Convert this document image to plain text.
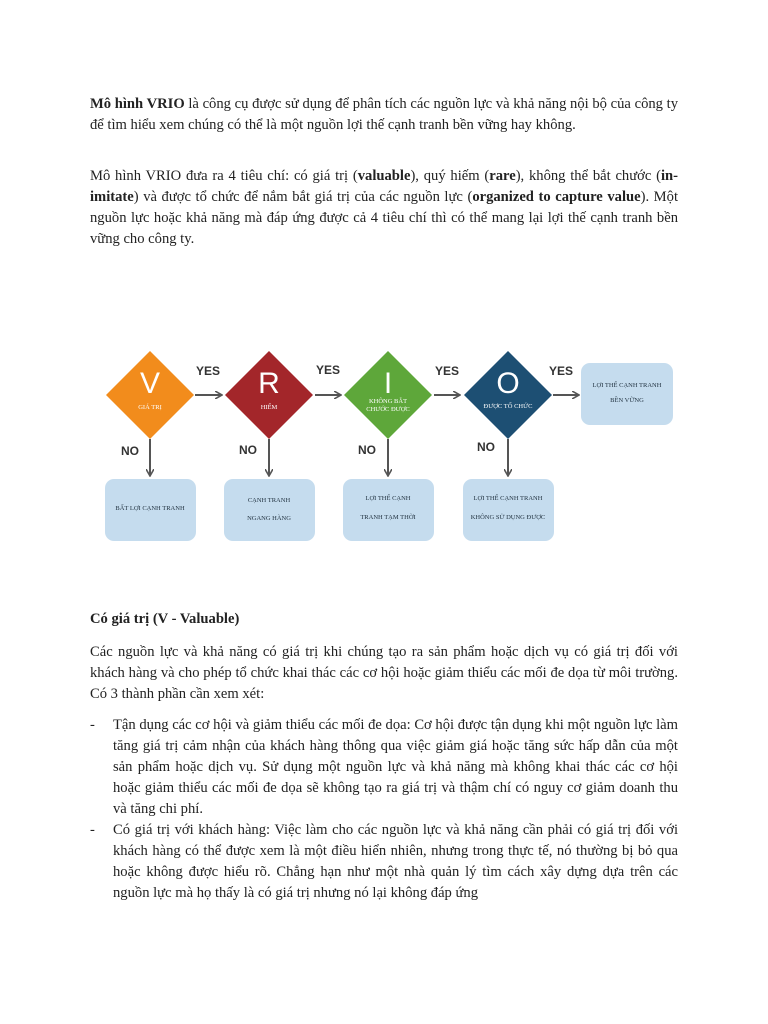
Mô hình VRIO là công cụ được sử dụng để phân tích các nguồn lực và khả năng nội bộ của công ty để tìm hiểu xem chúng có thể là một nguồn lợi thế cạnh tranh bền vững hay không.

Mô hình VRIO đưa ra 4 tiêu chí: có giá trị (valuable), quý hiếm (rare), không thể bắt chước (in-imitate) và được tổ chức để nắm bắt giá trị của các nguồn lực (organized to capture value). Một nguồn lực hoặc khả năng mà đáp ứng được cả 4 tiêu chí thì có thể mang lại lợi thế cạnh tranh bền vững cho công ty.

YES	YES	YES	YES
NO	NO	NO	NO
V
GIÁ TRỊ
R
HIẾM
I
KHÔNG BẮT
CHƯỚC ĐƯỢC
O
ĐƯỢC TỔ CHỨC
LỢI THẾ CẠNH TRANH
BỀN VỮNG
BẤT LỢI CẠNH TRANH
CẠNH TRANH
NGANG HÀNG
LỢI THẾ CẠNH
TRANH TẠM THỜI
LỢI THẾ CẠNH TRANH
KHÔNG SỬ DỤNG ĐƯỢC

Có giá trị (V - Valuable)

Các nguồn lực và khả năng có giá trị khi chúng tạo ra sản phẩm hoặc dịch vụ có giá trị đối với khách hàng và cho phép tổ chức khai thác các cơ hội hoặc giảm thiểu các mối đe dọa từ môi trường. Có 3 thành phần cần xem xét:

- Tận dụng các cơ hội và giảm thiểu các mối đe dọa: Cơ hội được tận dụng khi một nguồn lực làm tăng giá trị cảm nhận của khách hàng thông qua việc giảm giá hoặc tăng sức hấp dẫn của một sản phẩm hoặc dịch vụ. Sử dụng một nguồn lực và khả năng mà không khai thác các cơ hội hoặc giảm thiểu các mối đe dọa sẽ không tạo ra giá trị và thậm chí có nguy cơ giảm doanh thu và tăng chi phí.
- Có giá trị với khách hàng: Việc làm cho các nguồn lực và khả năng cần phải có giá trị đối với khách hàng có thể được xem là một điều hiển nhiên, nhưng trong thực tế, nó thường bị bỏ qua hoặc không được hiểu rõ. Chẳng hạn như một nhà quản lý tìm cách xây dựng dựa trên các nguồn lực mà họ thấy là có giá trị nhưng nó lại không đáp ứng
